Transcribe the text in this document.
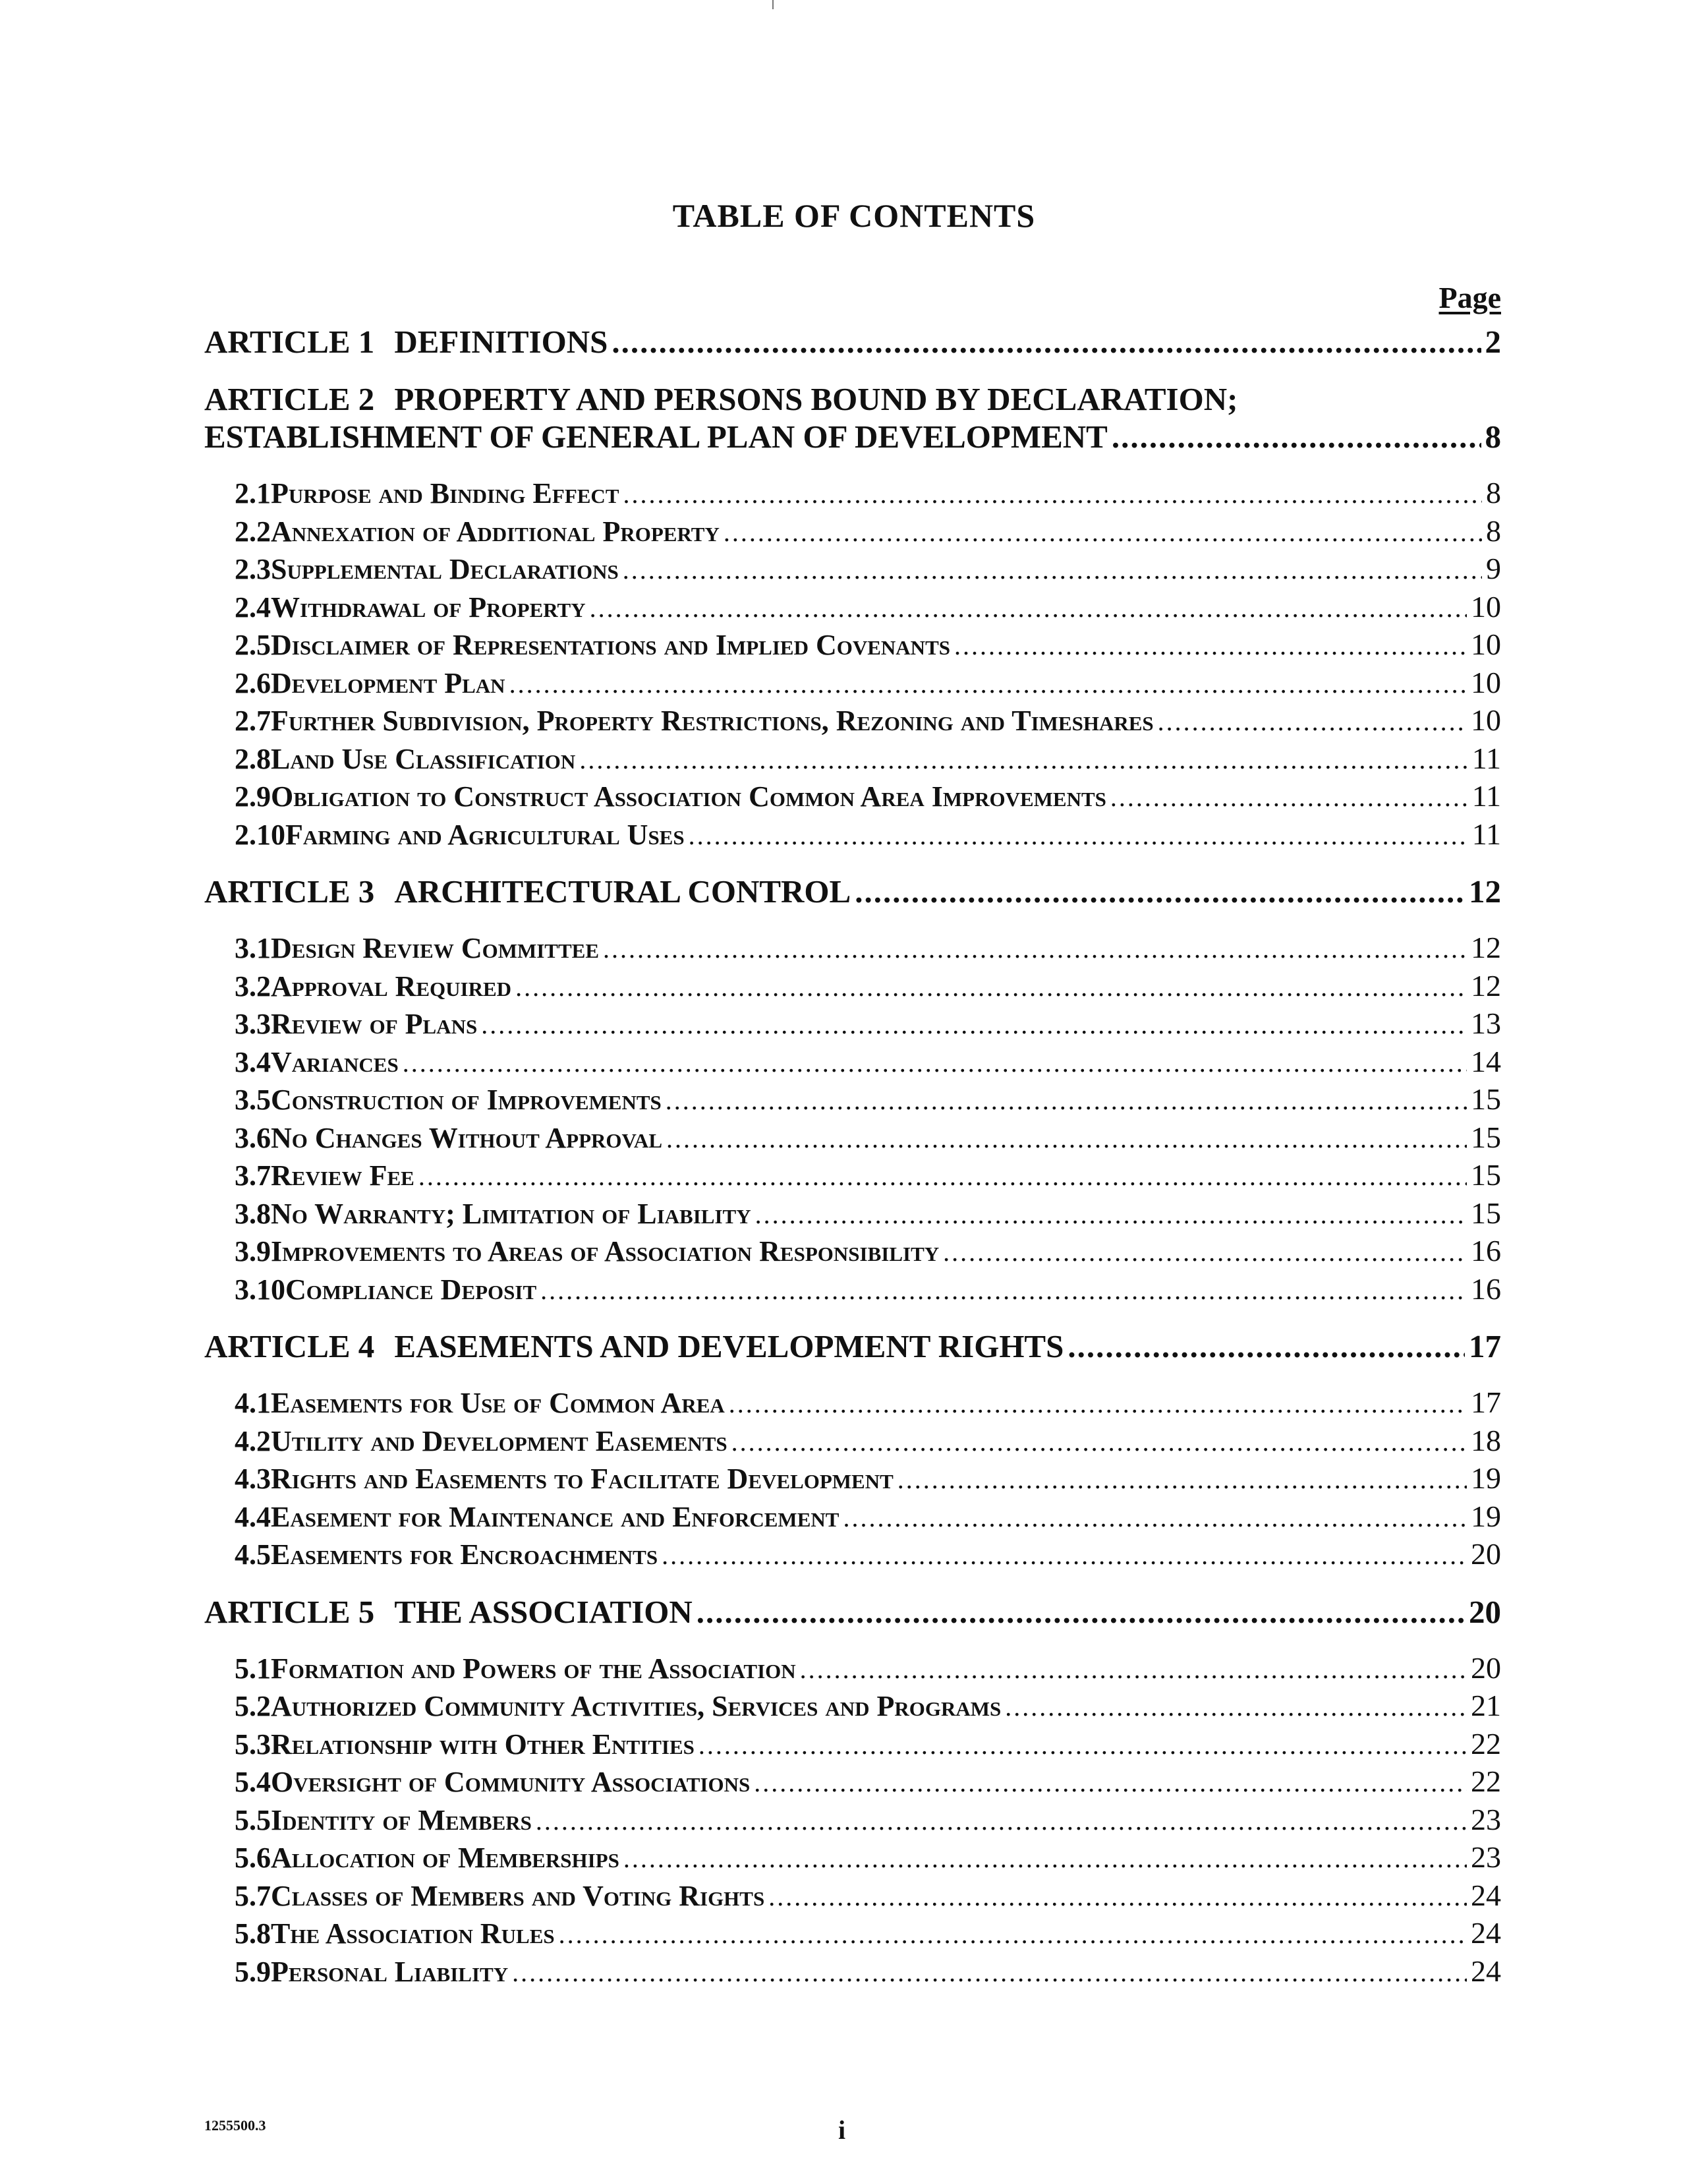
TABLE OF CONTENTS
Page
ARTICLE 1 DEFINITIONS .....	2
ARTICLE 2 PROPERTY AND PERSONS BOUND BY DECLARATION;
ESTABLISHMENT OF GENERAL PLAN OF DEVELOPMENT .....	8
2.1 Purpose and Binding Effect .....	8
2.2 Annexation of Additional Property .....	8
2.3 Supplemental Declarations .....	9
2.4 Withdrawal of Property .....	10
2.5 Disclaimer of Representations and Implied Covenants .....	10
2.6 Development Plan .....	10
2.7 Further Subdivision, Property Restrictions, Rezoning and Timeshares .....	10
2.8 Land Use Classification .....	11
2.9 Obligation to Construct Association Common Area Improvements .....	11
2.10 Farming and Agricultural Uses .....	11
ARTICLE 3 ARCHITECTURAL CONTROL .....	12
3.1 Design Review Committee .....	12
3.2 Approval Required .....	12
3.3 Review of Plans .....	13
3.4 Variances .....	14
3.5 Construction of Improvements .....	15
3.6 No Changes Without Approval .....	15
3.7 Review Fee .....	15
3.8 No Warranty; Limitation of Liability .....	15
3.9 Improvements to Areas of Association Responsibility .....	16
3.10 Compliance Deposit .....	16
ARTICLE 4 EASEMENTS AND DEVELOPMENT RIGHTS .....	17
4.1 Easements for Use of Common Area .....	17
4.2 Utility and Development Easements .....	18
4.3 Rights and Easements to Facilitate Development .....	19
4.4 Easement for Maintenance and Enforcement .....	19
4.5 Easements for Encroachments .....	20
ARTICLE 5 THE ASSOCIATION .....	20
5.1 Formation and Powers of the Association .....	20
5.2 Authorized Community Activities, Services and Programs .....	21
5.3 Relationship with Other Entities .....	22
5.4 Oversight of Community Associations .....	22
5.5 Identity of Members .....	23
5.6 Allocation of Memberships .....	23
5.7 Classes of Members and Voting Rights .....	24
5.8 The Association Rules .....	24
5.9 Personal Liability .....	24
1255500.3	i
